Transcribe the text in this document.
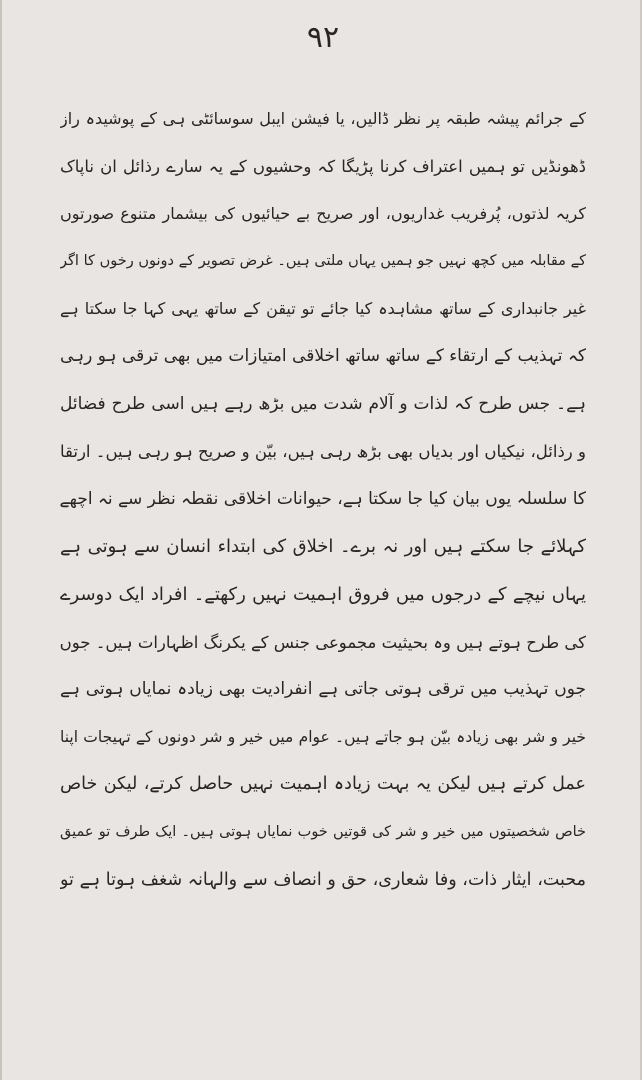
٩٢
کے جرائم پیشہ طبقہ پر نظر ڈالیں، یا فیشن ایبل سوسائٹی ہی کے پوشیدہ راز
ڈھونڈیں تو ہمیں اعتراف کرنا پڑیگا کہ وحشیوں کے یہ سارے رذائل ان ناپاک
کریہ لذتوں، پُرفریب غداریوں، اور صریح بے حیائیوں کی بیشمار متنوع صورتوں
کے مقابلہ میں کچھ نہیں جو ہمیں یہاں ملتی ہیں۔ غرض تصویر کے دونوں رخوں کا اگر
غیر جانبداری کے ساتھ مشاہدہ کیا جائے تو تیقن کے ساتھ یہی کہا جا سکتا ہے
کہ تہذیب کے ارتقاء کے ساتھ ساتھ اخلاقی امتیازات میں بھی ترقی ہو رہی
ہے۔ جس طرح کہ لذات و آلام شدت میں بڑھ رہے ہیں اسی طرح فضائل
و رذائل، نیکیاں اور بدیاں بھی بڑھ رہی ہیں، بیّن و صریح ہو رہی ہیں۔ ارتقا
کا سلسلہ یوں بیان کیا جا سکتا ہے، حیوانات اخلاقی نقطہ نظر سے نہ اچھے
کہلائے جا سکتے ہیں اور نہ برے۔ اخلاق کی ابتداء انسان سے ہوتی ہے
یہاں نیچے کے درجوں میں فروق اہمیت نہیں رکھتے۔ افراد ایک دوسرے
کی طرح ہوتے ہیں وہ بحیثیت مجموعی جنس کے یکرنگ اظہارات ہیں۔ جوں
جوں تہذیب میں ترقی ہوتی جاتی ہے انفرادیت بھی زیادہ نمایاں ہوتی ہے
خیر و شر بھی زیادہ بیّن ہو جاتے ہیں۔ عوام میں خیر و شر دونوں کے تہیجات اپنا
عمل کرتے ہیں لیکن یہ بہت زیادہ اہمیت نہیں حاصل کرتے، لیکن خاص
خاص شخصیتوں میں خیر و شر کی قوتیں خوب نمایاں ہوتی ہیں۔ ایک طرف تو عمیق
محبت، ایثار ذات، وفا شعاری، حق و انصاف سے والہانہ شغف ہوتا ہے تو
